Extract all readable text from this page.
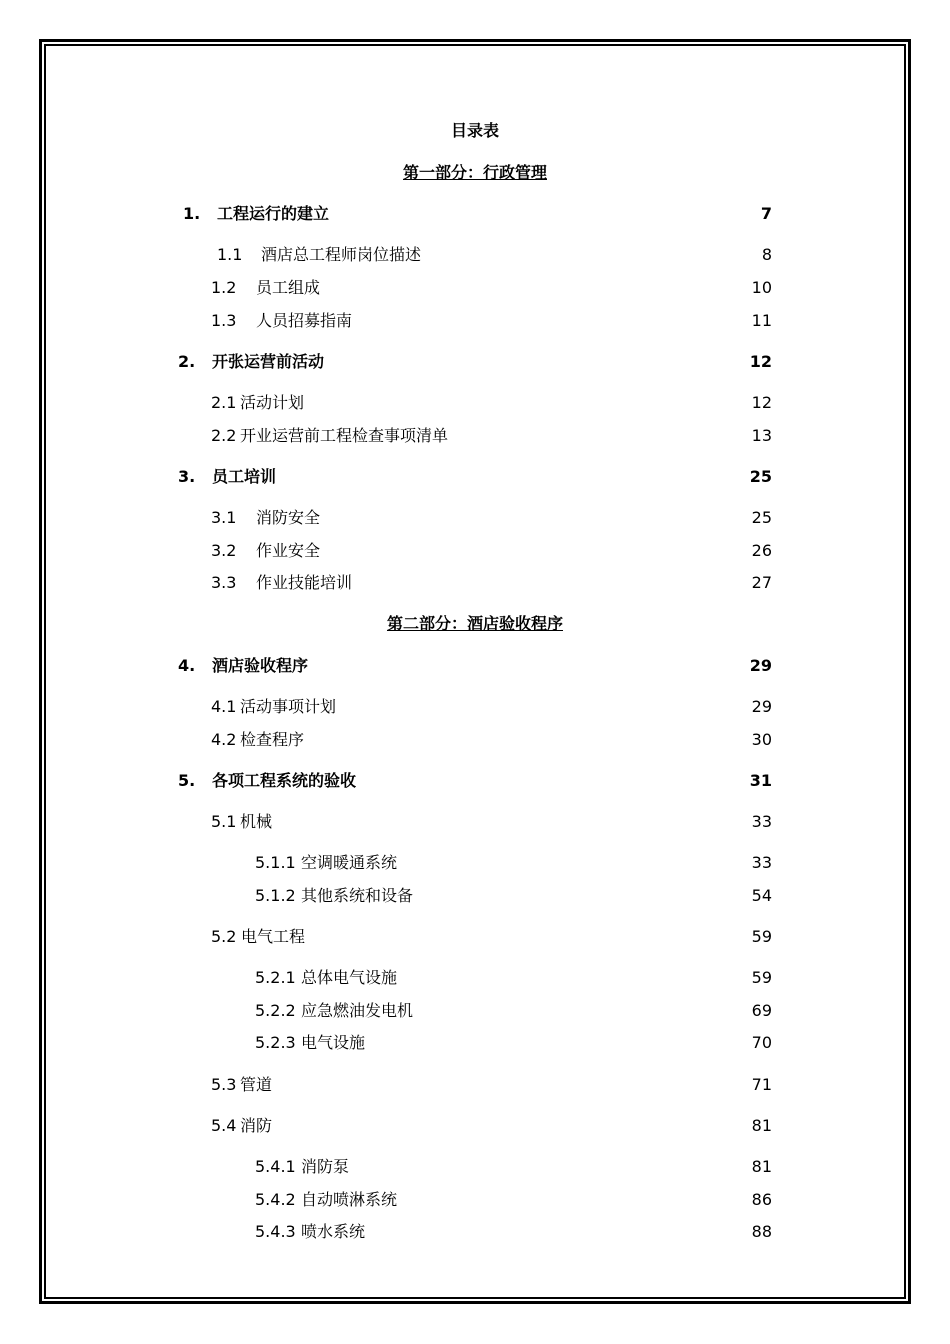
目录表
第一部分：行政管理
1. 工程运行的建立	7
1.1 酒店总工程师岗位描述	8
1.2 员工组成	10
1.3 人员招募指南	11
2. 开张运营前活动	12
2.1 活动计划	12
2.2 开业运营前工程检查事项清单	13
3. 员工培训	25
3.1 消防安全	25
3.2 作业安全	26
3.3 作业技能培训	27
第二部分：酒店验收程序
4. 酒店验收程序	29
4.1 活动事项计划	29
4.2 检查程序	30
5. 各项工程系统的验收	31
5.1 机械	33
5.1.1 空调暖通系统	33
5.1.2 其他系统和设备	54
5.2 电气工程	59
5.2.1 总体电气设施	59
5.2.2 应急燃油发电机	69
5.2.3 电气设施	70
5.3 管道	71
5.4 消防	81
5.4.1 消防泵	81
5.4.2 自动喷淋系统	86
5.4.3 喷水系统	88
